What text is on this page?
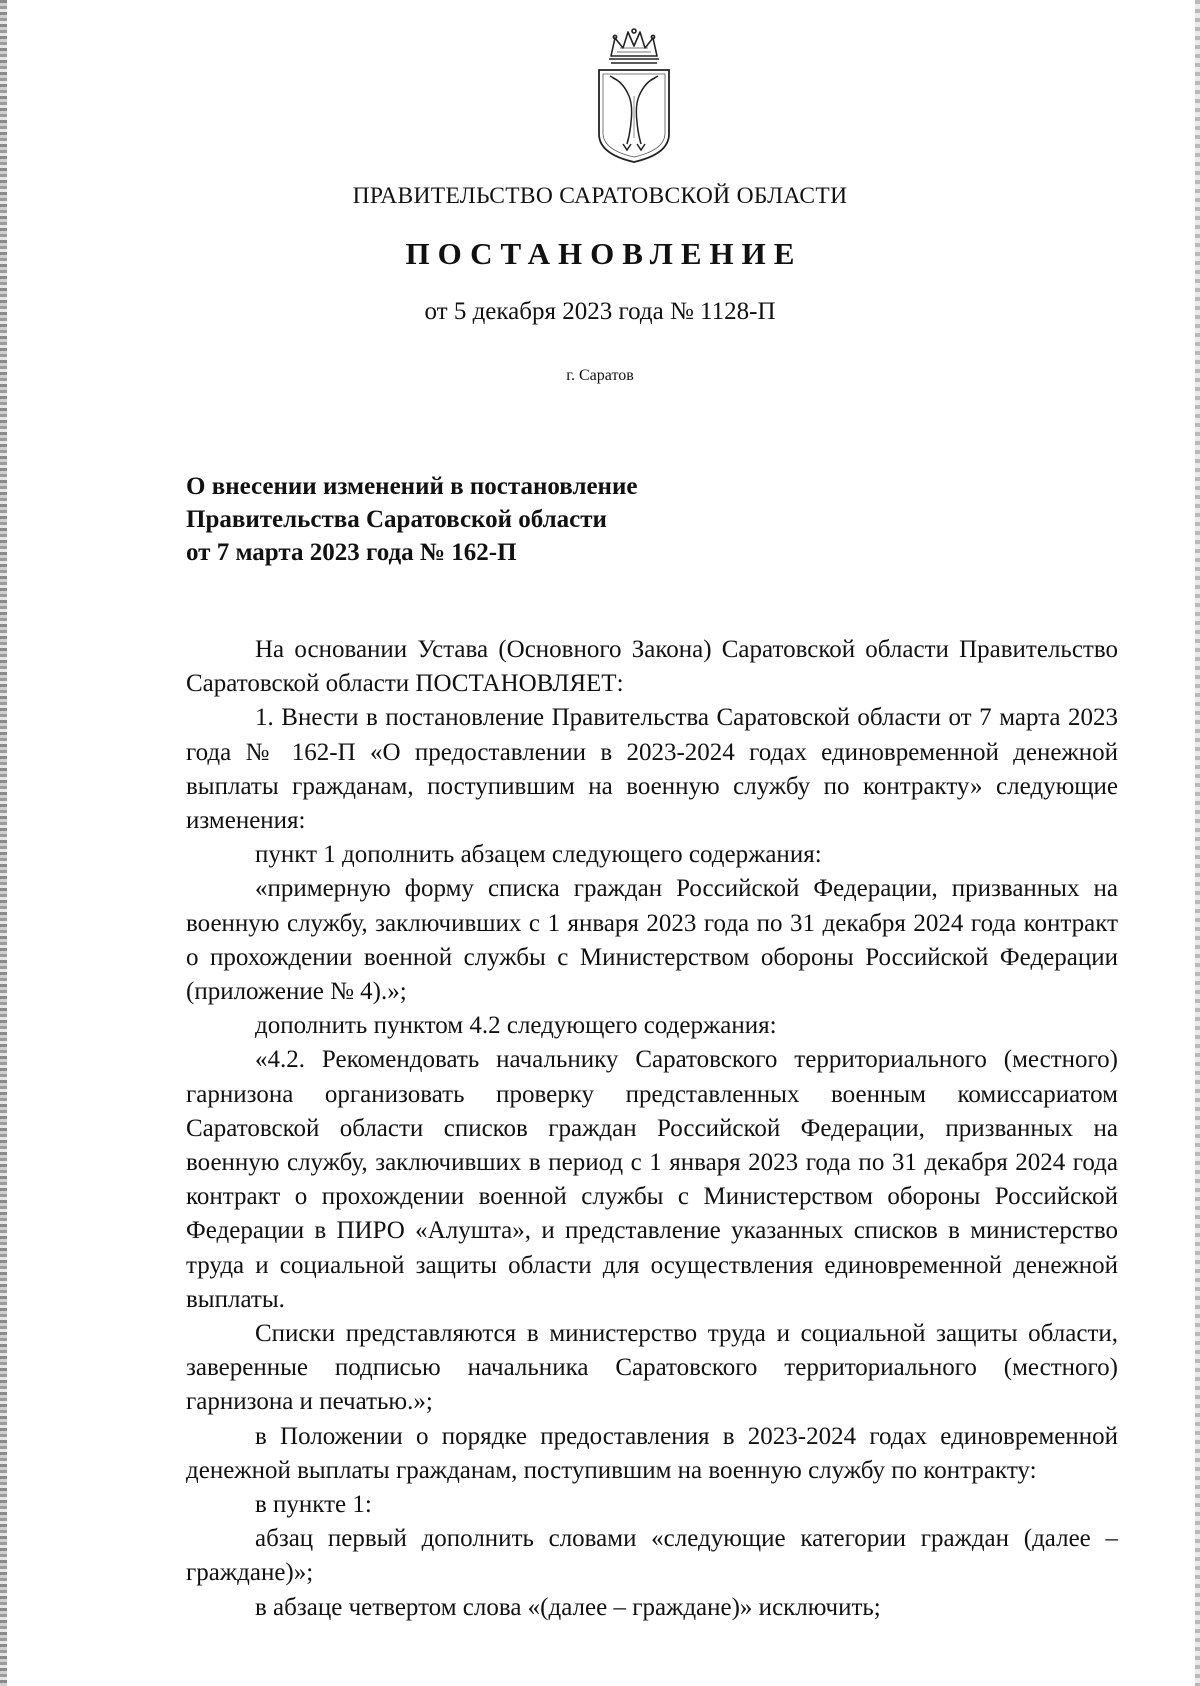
ПРАВИТЕЛЬСТВО САРАТОВСКОЙ ОБЛАСТИ
ПОСТАНОВЛЕНИЕ

от 5 декабря 2023 года № 1128-П

г. Саратов

О внесении изменений в постановление
Правительства Саратовской области
от 7 марта 2023 года № 162-П

На основании Устава (Основного Закона) Саратовской области Правительство Саратовской области ПОСТАНОВЛЯЕТ:

1. Внести в постановление Правительства Саратовской области от 7 марта 2023 года № 162-П «О предоставлении в 2023-2024 годах единовременной денежной выплаты гражданам, поступившим на военную службу по контракту» следующие изменения:

пункт 1 дополнить абзацем следующего содержания:

«примерную форму списка граждан Российской Федерации, призванных на военную службу, заключивших с 1 января 2023 года по 31 декабря 2024 года контракт о прохождении военной службы с Министерством обороны Российской Федерации (приложение № 4).»;

дополнить пунктом 4.2 следующего содержания:

«4.2. Рекомендовать начальнику Саратовского территориального (местного) гарнизона организовать проверку представленных военным комиссариатом Саратовской области списков граждан Российской Федерации, призванных на военную службу, заключивших в период с 1 января 2023 года по 31 декабря 2024 года контракт о прохождении военной службы с Министерством обороны Российской Федерации в ПИРО «Алушта», и представление указанных списков в министерство труда и социальной защиты области для осуществления единовременной денежной выплаты.

Списки представляются в министерство труда и социальной защиты области, заверенные подписью начальника Саратовского территориального (местного) гарнизона и печатью.»;

в Положении о порядке предоставления в 2023-2024 годах единовременной денежной выплаты гражданам, поступившим на военную службу по контракту:

в пункте 1:

абзац первый дополнить словами «следующие категории граждан (далее – граждане)»;

в абзаце четвертом слова «(далее – граждане)» исключить;
